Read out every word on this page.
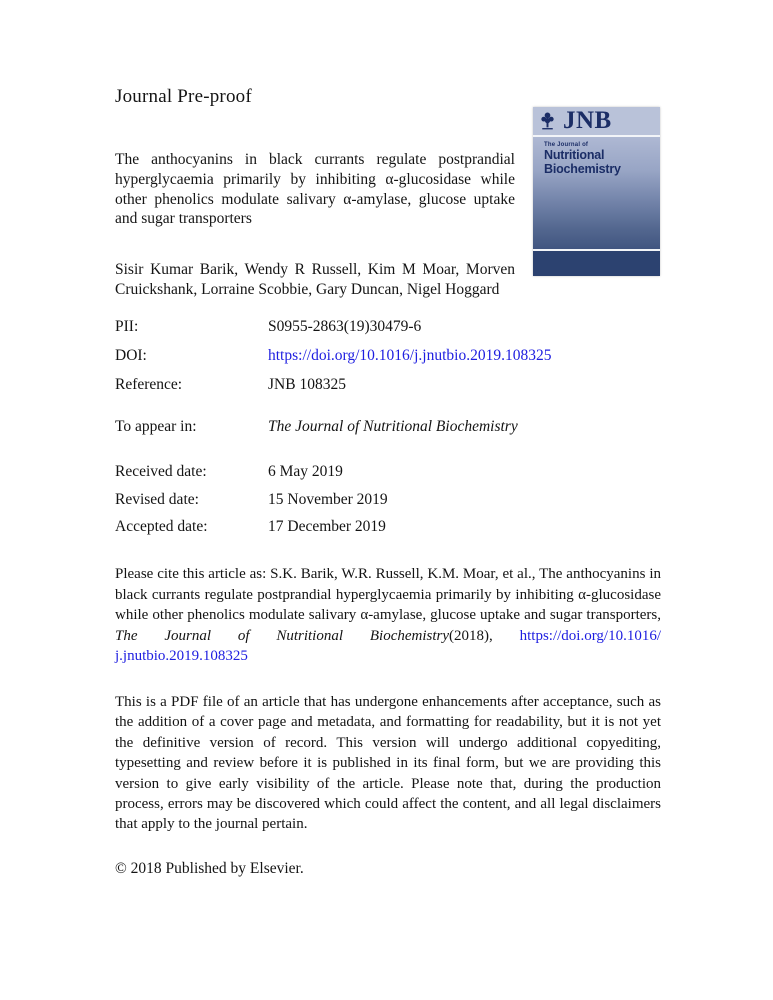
Journal Pre-proof
JNB
The Journal of
Nutritional
Biochemistry

The anthocyanins in black currants regulate postprandial hyperglycaemia primarily by inhibiting α-glucosidase while other phenolics modulate salivary α-amylase, glucose uptake and sugar transporters

Sisir Kumar Barik, Wendy R Russell, Kim M Moar, Morven Cruickshank, Lorraine Scobbie, Gary Duncan, Nigel Hoggard

PII:	S0955-2863(19)30479-6
DOI:	https://doi.org/10.1016/j.jnutbio.2019.108325
Reference:	JNB 108325
To appear in:	The Journal of Nutritional Biochemistry
Received date:	6 May 2019
Revised date:	15 November 2019
Accepted date:	17 December 2019

Please cite this article as: S.K. Barik, W.R. Russell, K.M. Moar, et al., The anthocyanins in black currants regulate postprandial hyperglycaemia primarily by inhibiting α-glucosidase while other phenolics modulate salivary α-amylase, glucose uptake and sugar transporters, The Journal of Nutritional Biochemistry(2018), https://doi.org/10.1016/j.jnutbio.2019.108325

This is a PDF file of an article that has undergone enhancements after acceptance, such as the addition of a cover page and metadata, and formatting for readability, but it is not yet the definitive version of record. This version will undergo additional copyediting, typesetting and review before it is published in its final form, but we are providing this version to give early visibility of the article. Please note that, during the production process, errors may be discovered which could affect the content, and all legal disclaimers that apply to the journal pertain.

© 2018 Published by Elsevier.
